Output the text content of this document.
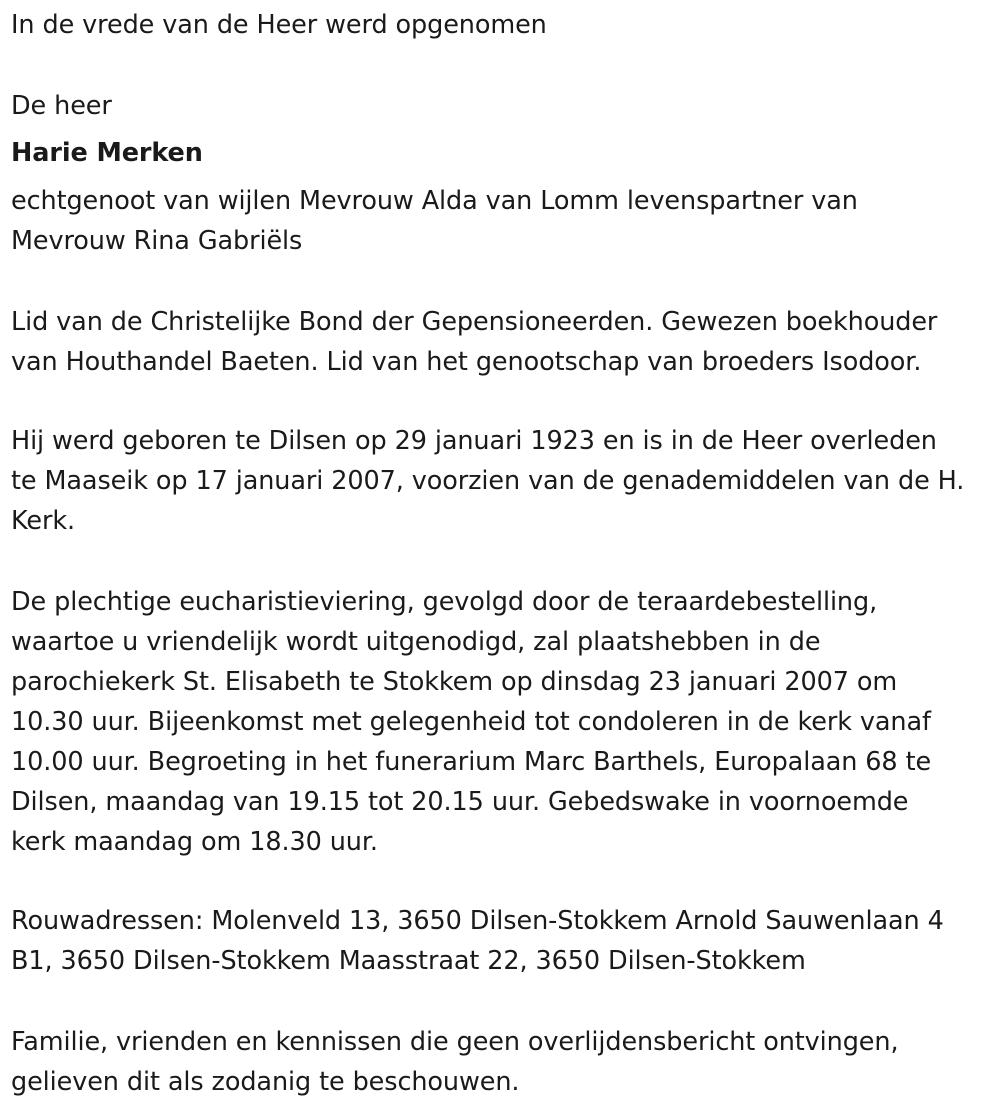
In de vrede van de Heer werd opgenomen

De heer

Harie Merken

echtgenoot van wijlen Mevrouw Alda van Lomm levenspartner van

Mevrouw Rina Gabriëls

Lid van de Christelijke Bond der Gepensioneerden. Gewezen boekhouder

van Houthandel Baeten. Lid van het genootschap van broeders Isodoor.

Hij werd geboren te Dilsen op 29 januari 1923 en is in de Heer overleden

te Maaseik op 17 januari 2007, voorzien van de genademiddelen van de H.

Kerk.

De plechtige eucharistieviering, gevolgd door de teraardebestelling,

waartoe u vriendelijk wordt uitgenodigd, zal plaatshebben in de

parochiekerk St. Elisabeth te Stokkem op dinsdag 23 januari 2007 om

10.30 uur. Bijeenkomst met gelegenheid tot condoleren in de kerk vanaf

10.00 uur. Begroeting in het funerarium Marc Barthels, Europalaan 68 te

Dilsen, maandag van 19.15 tot 20.15 uur. Gebedswake in voornoemde

kerk maandag om 18.30 uur.

Rouwadressen: Molenveld 13, 3650 Dilsen-Stokkem Arnold Sauwenlaan 4

B1, 3650 Dilsen-Stokkem Maasstraat 22, 3650 Dilsen-Stokkem

Familie, vrienden en kennissen die geen overlijdensbericht ontvingen,

gelieven dit als zodanig te beschouwen.
